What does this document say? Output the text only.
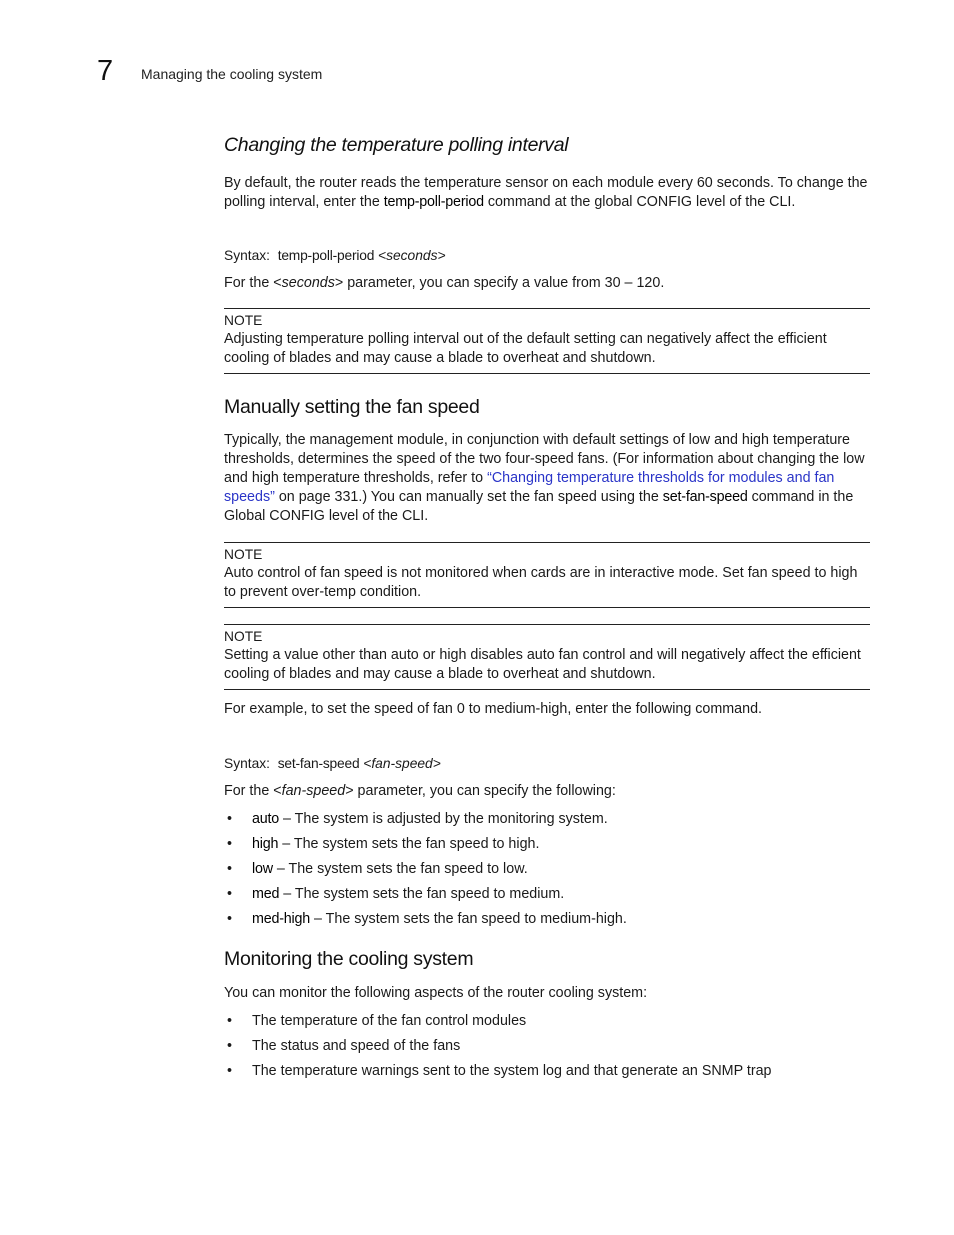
7 Managing the cooling system
Changing the temperature polling interval

By default, the router reads the temperature sensor on each module every 60 seconds. To change the polling interval, enter the temp-poll-period command at the global CONFIG level of the CLI.

Syntax: temp-poll-period <seconds>

For the <seconds> parameter, you can specify a value from 30 – 120.

NOTE

Adjusting temperature polling interval out of the default setting can negatively affect the efficient cooling of blades and may cause a blade to overheat and shutdown.

Manually setting the fan speed

Typically, the management module, in conjunction with default settings of low and high temperature thresholds, determines the speed of the two four-speed fans. (For information about changing the low and high temperature thresholds, refer to “Changing temperature thresholds for modules and fan speeds” on page 331.) You can manually set the fan speed using the set-fan-speed command in the Global CONFIG level of the CLI.

NOTE

Auto control of fan speed is not monitored when cards are in interactive mode. Set fan speed to high to prevent over-temp condition.

NOTE

Setting a value other than auto or high disables auto fan control and will negatively affect the efficient cooling of blades and may cause a blade to overheat and shutdown.

For example, to set the speed of fan 0 to medium-high, enter the following command.

Syntax: set-fan-speed <fan-speed>

For the <fan-speed> parameter, you can specify the following:

• auto – The system is adjusted by the monitoring system.
• high – The system sets the fan speed to high.
• low – The system sets the fan speed to low.
• med – The system sets the fan speed to medium.
• med-high – The system sets the fan speed to medium-high.
Monitoring the cooling system

You can monitor the following aspects of the router cooling system:

• The temperature of the fan control modules
• The status and speed of the fans
• The temperature warnings sent to the system log and that generate an SNMP trap
